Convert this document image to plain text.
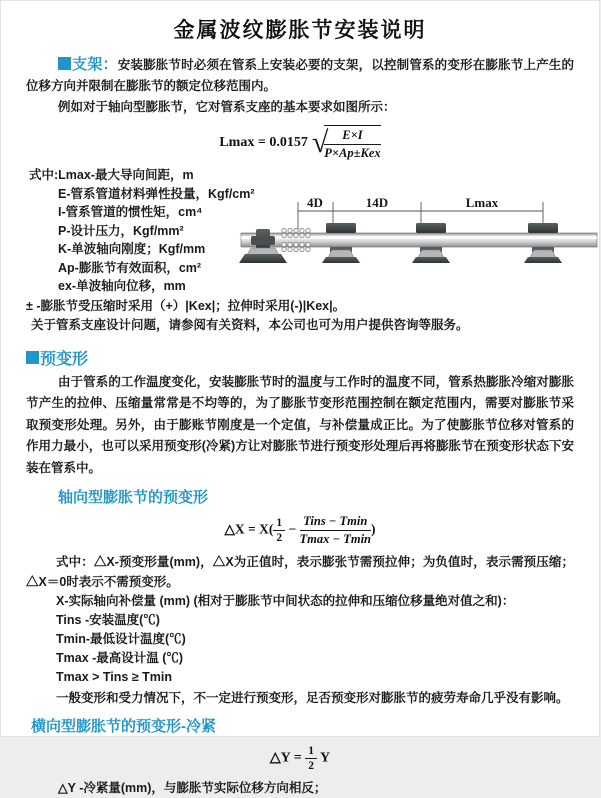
金属波纹膨胀节安装说明

支架：安装膨胀节时必须在管系上安装必要的支架，以控制管系的变形在膨胀节上产生的位移方向并限制在膨胀节的额定位移范围内。

例如对于轴向型膨胀节，它对管系支座的基本要求如图所示：

Lmax = 0.0157 √
$\frac{E\times I}{\text{P×Ap±Kex}}$

式中:Lmax-最大导向间距，m

E-管系管道材料弹性投量，Kgf/cm²
I-管系管道的惯性矩，cm⁴
P-设计压力，Kgf/mm²
K-单波轴向刚度；Kgf/mm
Ap-膨胀节有效面积，cm²
ex-单波轴向位移，mm

± -膨胀节受压缩时采用（+）|Kex|；拉伸时采用(-)|Kex|。

关于管系支座设计问题，请参阅有关资料，本公司也可为用户提供咨询等服务。

4D	14D	Lmax
预变形

由于管系的工作温度变化，安装膨胀节时的温度与工作时的温度不同，管系热膨胀冷缩对膨胀节产生的拉伸、压缩量常常是不均等的，为了膨胀节变形范围控制在额定范围内，需要对膨胀节采取预变形处理。另外，由于膨账节刚度是一个定值，与补偿量成正比。为了使膨胀节位移对管系的作用力最小，也可以采用预变形(冷紧)方让对膨胀节进行预变形处理后再将膨胀节在预变形状态下安装在管系中。

轴向型膨胀节的预变形
△X = $X( \frac{1}{2} - \frac{\text{Tins − Tmin}}{Tmax - Tmin}$ )

式中：△X-预变形量(mm)，△X为正值时，表示膨张节需预拉伸；为负值时，表示需预压缩；△X＝0时表示不需预变形。

X-实际轴向补偿量 (mm) (相对于膨胀节中间状态的拉伸和压缩位移量绝对值之和)：

Tins -安装温度(℃)
Tmin-最低设计温度(℃)
Tmax -最高设计温 (℃)
Tmax > Tins ≥ Tmin

一般变形和受力情况下，不一定进行预变形，足否预变形对膨胀节的疲劳寿命几乎没有影响。

横向型膨胀节的预变形-冷紧
△Y = $\frac{1}{2}$ Y

△Y -冷紧量(mm)，与膨胀节实际位移方向相反；
